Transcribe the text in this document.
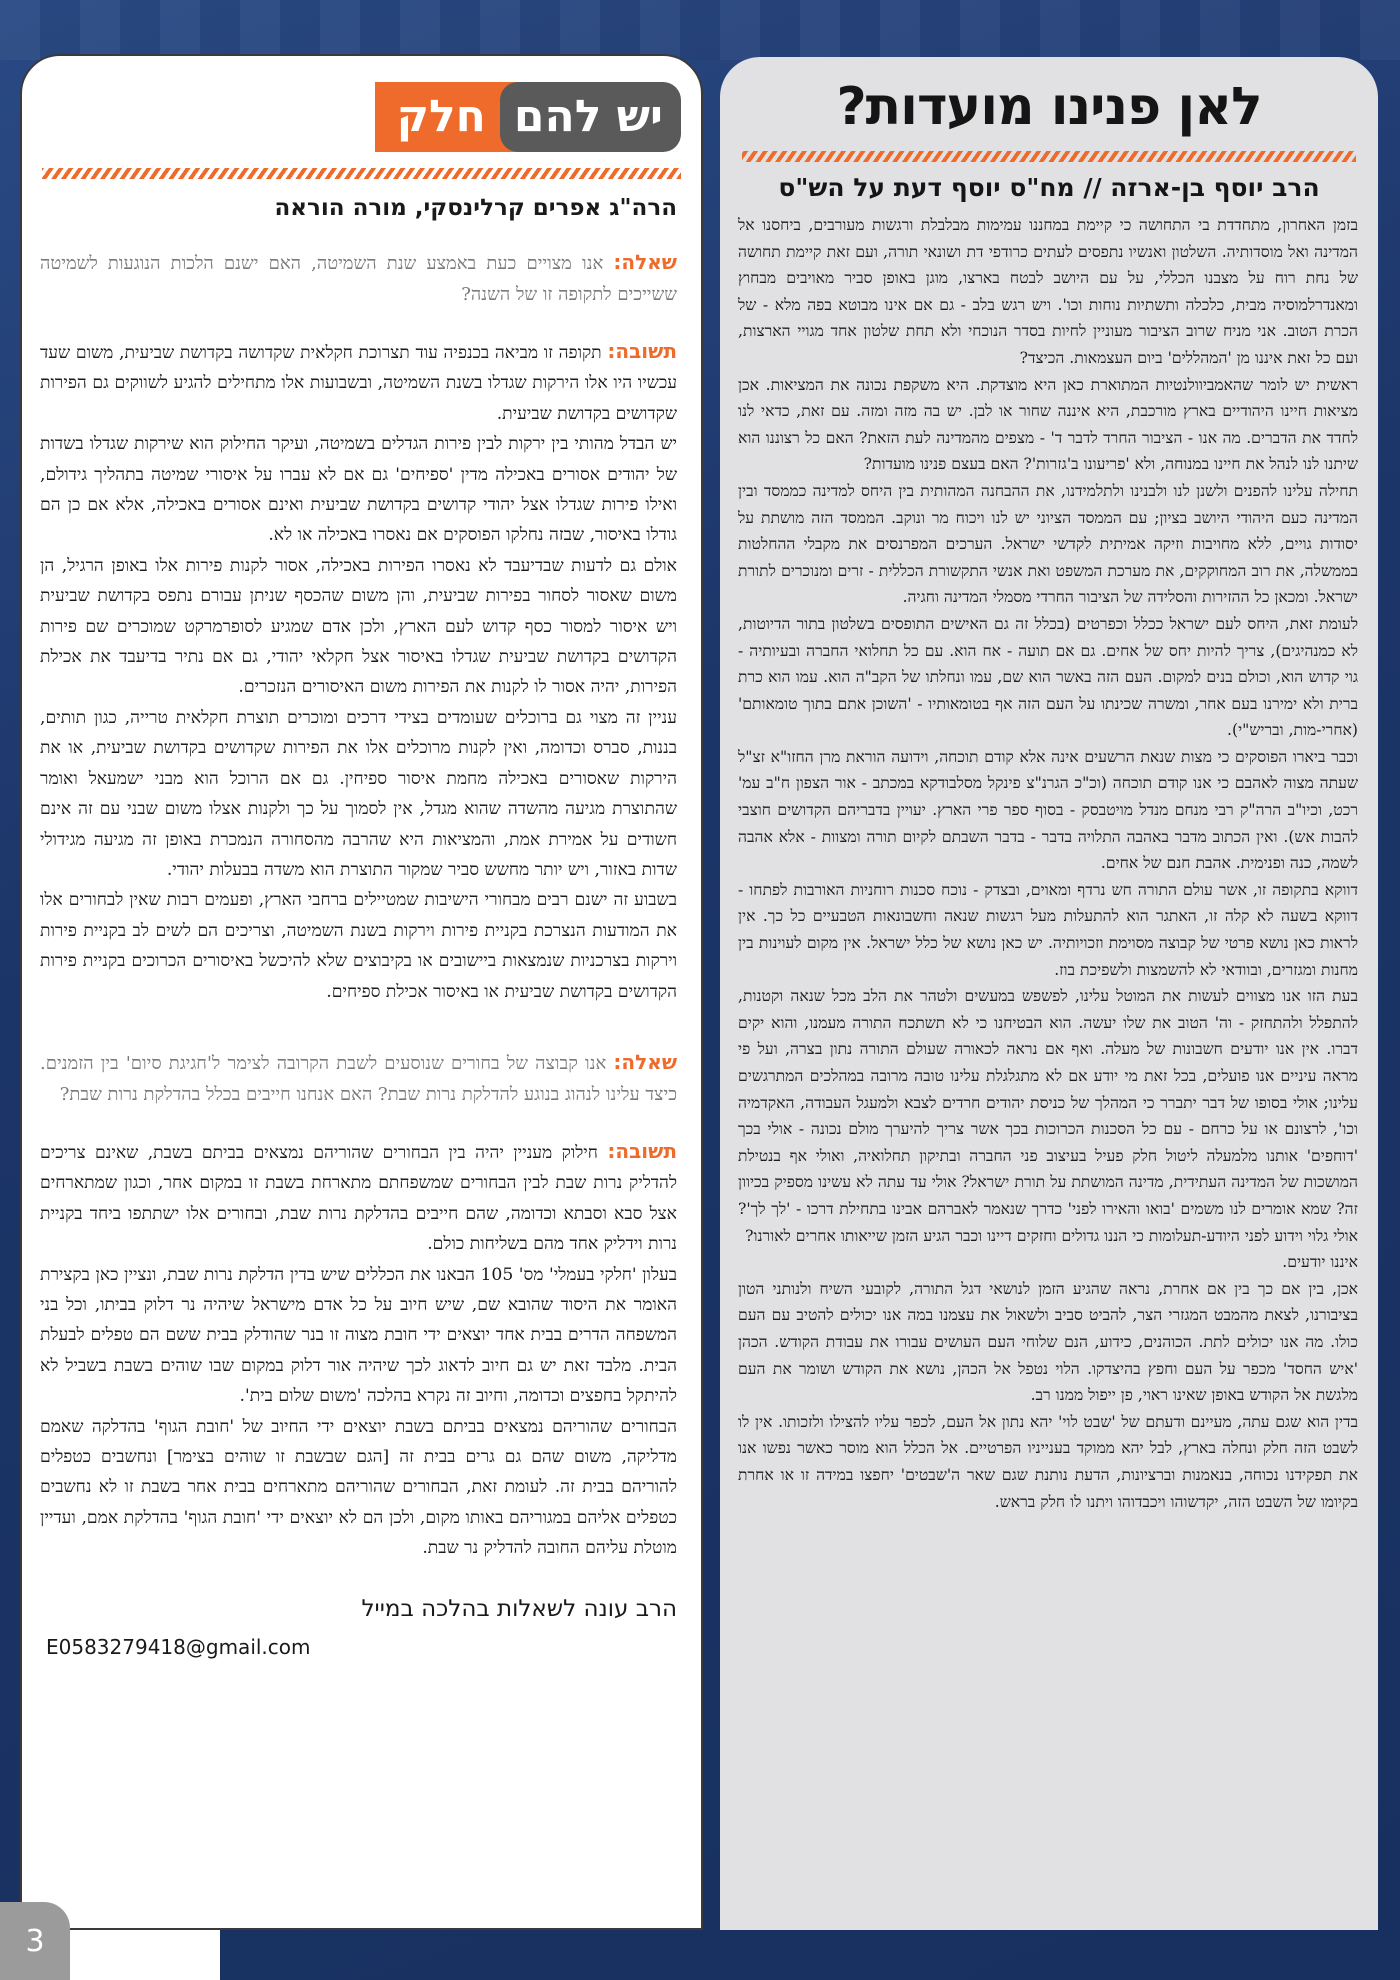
לאן פנינו מועדות?
הרב יוסף בן-ארזה // מח"ס יוסף דעת על הש"ס

בזמן האחרון, מתחדדת בי התחושה כי קיימת במחננו עמימות מבלבלת ורגשות מעורבים, ביחסנו אל המדינה ואל מוסדותיה. השלטון ואנשיו נתפסים לעתים כרודפי דת ושונאי תורה, ועם זאת קיימת תחושה של נחת רוח על מצבנו הכללי, על עם היושב לבטח בארצו, מוגן באופן סביר מאויבים מבחוץ ומאנדרלמוסיה מבית, כלכלה ותשתיות נוחות וכו'. ויש רגש בלב - גם אם אינו מבוטא בפה מלא - של הכרת הטוב. אני מניח שרוב הציבור מעוניין לחיות בסדר הנוכחי ולא תחת שלטון אחד מגויי הארצות, ועם כל זאת איננו מן 'המהללים' ביום העצמאות. הכיצד?

ראשית יש לומר שהאמביוולנטיות המתוארת כאן היא מוצדקת. היא משקפת נכונה את המציאות. אכן מציאות חיינו היהודיים בארץ מורכבת, היא איננה שחור או לבן. יש בה מזה ומזה. עם זאת, כדאי לנו לחדד את הדברים. מה אנו - הציבור החרד לדבר ד' - מצפים מהמדינה לעת הזאת? האם כל רצוננו הוא שיתנו לנו לנהל את חיינו במנוחה, ולא 'פריעונו ב'גזרות'? האם בעצם פנינו מועדות?

תחילה עלינו להפנים ולשנן לנו ולבנינו ולתלמידנו, את ההבחנה המהותית בין היחס למדינה כממסד ובין המדינה כעם היהודי היושב בציון; עם הממסד הציוני יש לנו ויכוח מר ונוקב. הממסד הזה מושתת על יסודות גויים, ללא מחויבות וזיקה אמיתית לקדשי ישראל. הערכים המפרנסים את מקבלי ההחלטות בממשלה, את רוב המחוקקים, את מערכת המשפט ואת אנשי התקשורת הכללית - זרים ומנוכרים לתורת ישראל. ומכאן כל ההזירות והסלידה של הציבור החרדי מסמלי המדינה וחגיה.

לעומת זאת, היחס לעם ישראל ככלל וכפרטים (בכלל זה גם האישים התופסים בשלטון בתור הדיוטות, לא כמנהיגים), צריך להיות יחס של אחים. גם אם תועה - אח הוא. עם כל תחלואי החברה ובעיותיה - גוי קדוש הוא, וכולם בנים למקום. העם הזה באשר הוא שם, עמו ונחלתו של הקב"ה הוא. עמו הוא כרת ברית ולא ימירנו בעם אחר, ומשרה שכינתו על העם הזה אף בטומאותיו - 'השוכן אתם בתוך טומאותם' (אחרי-מות, ובריש"י).

וכבר ביארו הפוסקים כי מצות שנאת הרשעים אינה אלא קודם תוכחה, וידועה הוראת מרן החזו"א זצ"ל שעתה מצוה לאהבם כי אנו קודם תוכחה (וכ"כ הגרנ"צ פינקל מסלבודקא במכתב - אור הצפון ח"ב עמ' רכט, וכיו"ב הרה"ק רבי מנחם מנדל מויטבסק - בסוף ספר פרי הארץ. יעויין בדבריהם הקדושים חוצבי להבות אש). ואין הכתוב מדבר באהבה התלויה בדבר - בדבר השבתם לקיום תורה ומצוות - אלא אהבה לשמה, כנה ופנימית. אהבת חנם של אחים.

דווקא בתקופה זו, אשר עולם התורה חש נרדף ומאוים, ובצדק - נוכח סכנות רוחניות האורבות לפתחו - דווקא בשעה לא קלה זו, האתגר הוא להתעלות מעל רגשות שנאה וחשבונאות הטבעיים כל כך. אין לראות כאן נושא פרטי של קבוצה מסוימת וזכויותיה. יש כאן נושא של כלל ישראל. אין מקום לעוינות בין מחנות ומגזרים, ובוודאי לא להשמצות ולשפיכת בוז.

בעת הזו אנו מצווים לעשות את המוטל עלינו, לפשפש במעשים ולטהר את הלב מכל שנאה וקטנות, להתפלל ולהתחזק - וה' הטוב את שלו יעשה. הוא הבטיחנו כי לא תשתכח התורה מעמנו, והוא יקים דברו. אין אנו יודעים חשבונות של מעלה. ואף אם נראה לכאורה שעולם התורה נתון בצרה, ועל פי מראה עיניים אנו פועלים, בכל זאת מי יודע אם לא מתגלגלת עלינו טובה מרובה במהלכים המתרגשים עלינו; אולי בסופו של דבר יתברר כי המהלך של כניסת יהודים חרדים לצבא ולמעגל העבודה, האקדמיה וכו', לרצונם או על כרחם - עם כל הסכנות הכרוכות בכך אשר צריך להיערך מולם נכונה - אולי בכך 'דוחפים' אותנו מלמעלה ליטול חלק פעיל בעיצוב פני החברה ובתיקון תחלואיה, ואולי אף בנטילת המושכות של המדינה העתידית, מדינה המושתת על תורת ישראל? אולי עד עתה לא עשינו מספיק בכיוון זה? שמא אומרים לנו משמים 'בואו והאירו לפני' כדרך שנאמר לאברהם אבינו בתחילת דרכו - 'לך לך'? אולי גלוי וידוע לפני היודע-תעלומות כי הננו גדולים וחזקים דיינו וכבר הגיע הזמן שייאותו אחרים לאורנו?

איננו יודעים.

אכן, בין אם כך בין אם אחרת, נראה שהגיע הזמן לנושאי דגל התורה, לקובעי השיח ולנותני הטון בציבורנו, לצאת מהמבט המגזרי הצר, להביט סביב ולשאול את עצמנו במה אנו יכולים להטיב עם העם כולו. מה אנו יכולים לתת. הכוהנים, כידוע, הנם שלוחי העם העושים עבורו את עבודת הקודש. הכהן 'איש החסד' מכפר על העם וחפץ בהיצדקו. הלוי נטפל אל הכהן, נושא את הקודש ושומר את העם מלגשת אל הקודש באופן שאינו ראוי, פן ייפול ממנו רב.

בדין הוא שגם עתה, מעיינם ודעתם של 'שבט לוי' יהא נתון אל העם, לכפר עליו להצילו ולזכותו. אין לו לשבט הזה חלק ונחלה בארץ, לבל יהא ממוקד בענייניו הפרטיים. אל הכלל הוא מוסר כאשר נפשו אנו את תפקידנו נכוחה, בנאמנות וברציונות, הדעת נותנת שגם שאר ה'שבטים' יחפצו במידה זו או אחרת בקיומו של השבט הזה, יקדשוהו ויכבדוהו ויתנו לו חלק בראש.

יש להם
חלק
הרה"ג אפרים קרלינסקי, מורה הוראה
שאלה: אנו מצויים כעת באמצע שנת השמיטה, האם ישנם הלכות הנוגעות לשמיטה ששייכים לתקופה זו של השנה?

תשובה: תקופה זו מביאה בכנפיה עוד תצרוכת חקלאית שקדושה בקדושת שביעית, משום שעד עכשיו היו אלו הירקות שגדלו בשנת השמיטה, ובשבועות אלו מתחילים להגיע לשווקים גם הפירות שקדושים בקדושת שביעית.

יש הבדל מהותי בין ירקות לבין פירות הגדלים בשמיטה, ועיקר החילוק הוא שירקות שגדלו בשדות של יהודים אסורים באכילה מדין 'ספיחים' גם אם לא עברו על איסורי שמיטה בתהליך גידולם, ואילו פירות שגדלו אצל יהודי קדושים בקדושת שביעית ואינם אסורים באכילה, אלא אם כן הם גודלו באיסור, שבזה נחלקו הפוסקים אם נאסרו באכילה או לא.

אולם גם לדעות שבדיעבד לא נאסרו הפירות באכילה, אסור לקנות פירות אלו באופן הרגיל, הן משום שאסור לסחור בפירות שביעית, והן משום שהכסף שניתן עבורם נתפס בקדושת שביעית ויש איסור למסור כסף קדוש לעם הארץ, ולכן אדם שמגיע לסופרמרקט שמוכרים שם פירות הקדושים בקדושת שביעית שגדלו באיסור אצל חקלאי יהודי, גם אם נתיר בדיעבד את אכילת הפירות, יהיה אסור לו לקנות את הפירות משום האיסורים הנזכרים.

עניין זה מצוי גם ברוכלים שעומדים בצידי דרכים ומוכרים תוצרת חקלאית טרייה, כגון תותים, בננות, סברס וכדומה, ואין לקנות מרוכלים אלו את הפירות שקדושים בקדושת שביעית, או את הירקות שאסורים באכילה מחמת איסור ספיחין. גם אם הרוכל הוא מבני ישמעאל ואומר שהתוצרת מגיעה מהשדה שהוא מגדל, אין לסמוך על כך ולקנות אצלו משום שבני עם זה אינם חשודים על אמירת אמת, והמציאות היא שהרבה מהסחורה הנמכרת באופן זה מגיעה מגידולי שדות באזור, ויש יותר מחשש סביר שמקור התוצרת הוא משדה בבעלות יהודי.

בשבוע זה ישנם רבים מבחורי הישיבות שמטיילים ברחבי הארץ, ופעמים רבות שאין לבחורים אלו את המודעות הנצרכת בקניית פירות וירקות בשנת השמיטה, וצריכים הם לשים לב בקניית פירות וירקות בצרכניות שנמצאות ביישובים או בקיבוצים שלא להיכשל באיסורים הכרוכים בקניית פירות הקדושים בקדושת שביעית או באיסור אכילת ספיחים.

שאלה: אנו קבוצה של בחורים שנוסעים לשבת הקרובה לצימר ל'חגיגת סיום' בין הזמנים. כיצד עלינו לנהוג בנוגע להדלקת נרות שבת? האם אנחנו חייבים בכלל בהדלקת נרות שבת?

תשובה: חילוק מעניין יהיה בין הבחורים שהוריהם נמצאים בביתם בשבת, שאינם צריכים להדליק נרות שבת לבין הבחורים שמשפחתם מתארחת בשבת זו במקום אחר, וכגון שמתארחים אצל סבא וסבתא וכדומה, שהם חייבים בהדלקת נרות שבת, ובחורים אלו ישתתפו ביחד בקניית נרות וידליק אחד מהם בשליחות כולם.

בעלון 'חלקי בעמלי' מס' 105 הבאנו את הכללים שיש בדין הדלקת נרות שבת, ונציין כאן בקצירת האומר את היסוד שהובא שם, שיש חיוב על כל אדם מישראל שיהיה נר דלוק בביתו, וכל בני המשפחה הדרים בבית אחד יוצאים ידי חובת מצוה זו בנר שהודלק בבית ששם הם טפלים לבעלת הבית. מלבד זאת יש גם חיוב לדאוג לכך שיהיה אור דלוק במקום שבו שוהים בשבת בשביל לא להיתקל בחפצים וכדומה, וחיוב זה נקרא בהלכה 'משום שלום בית'.

הבחורים שהוריהם נמצאים בביתם בשבת יוצאים ידי החיוב של 'חובת הגוף' בהדלקה שאמם מדליקה, משום שהם גם גרים בבית זה [הגם שבשבת זו שוהים בצימר] ונחשבים כטפלים להוריהם בבית זה. לעומת זאת, הבחורים שהוריהם מתארחים בבית אחר בשבת זו לא נחשבים כטפלים אליהם במגוריהם באותו מקום, ולכן הם לא יוצאים ידי 'חובת הגוף' בהדלקת אמם, ועדיין מוטלת עליהם החובה להדליק נר שבת.

הרב עונה לשאלות בהלכה במייל
E0583279418@gmail.com
3
